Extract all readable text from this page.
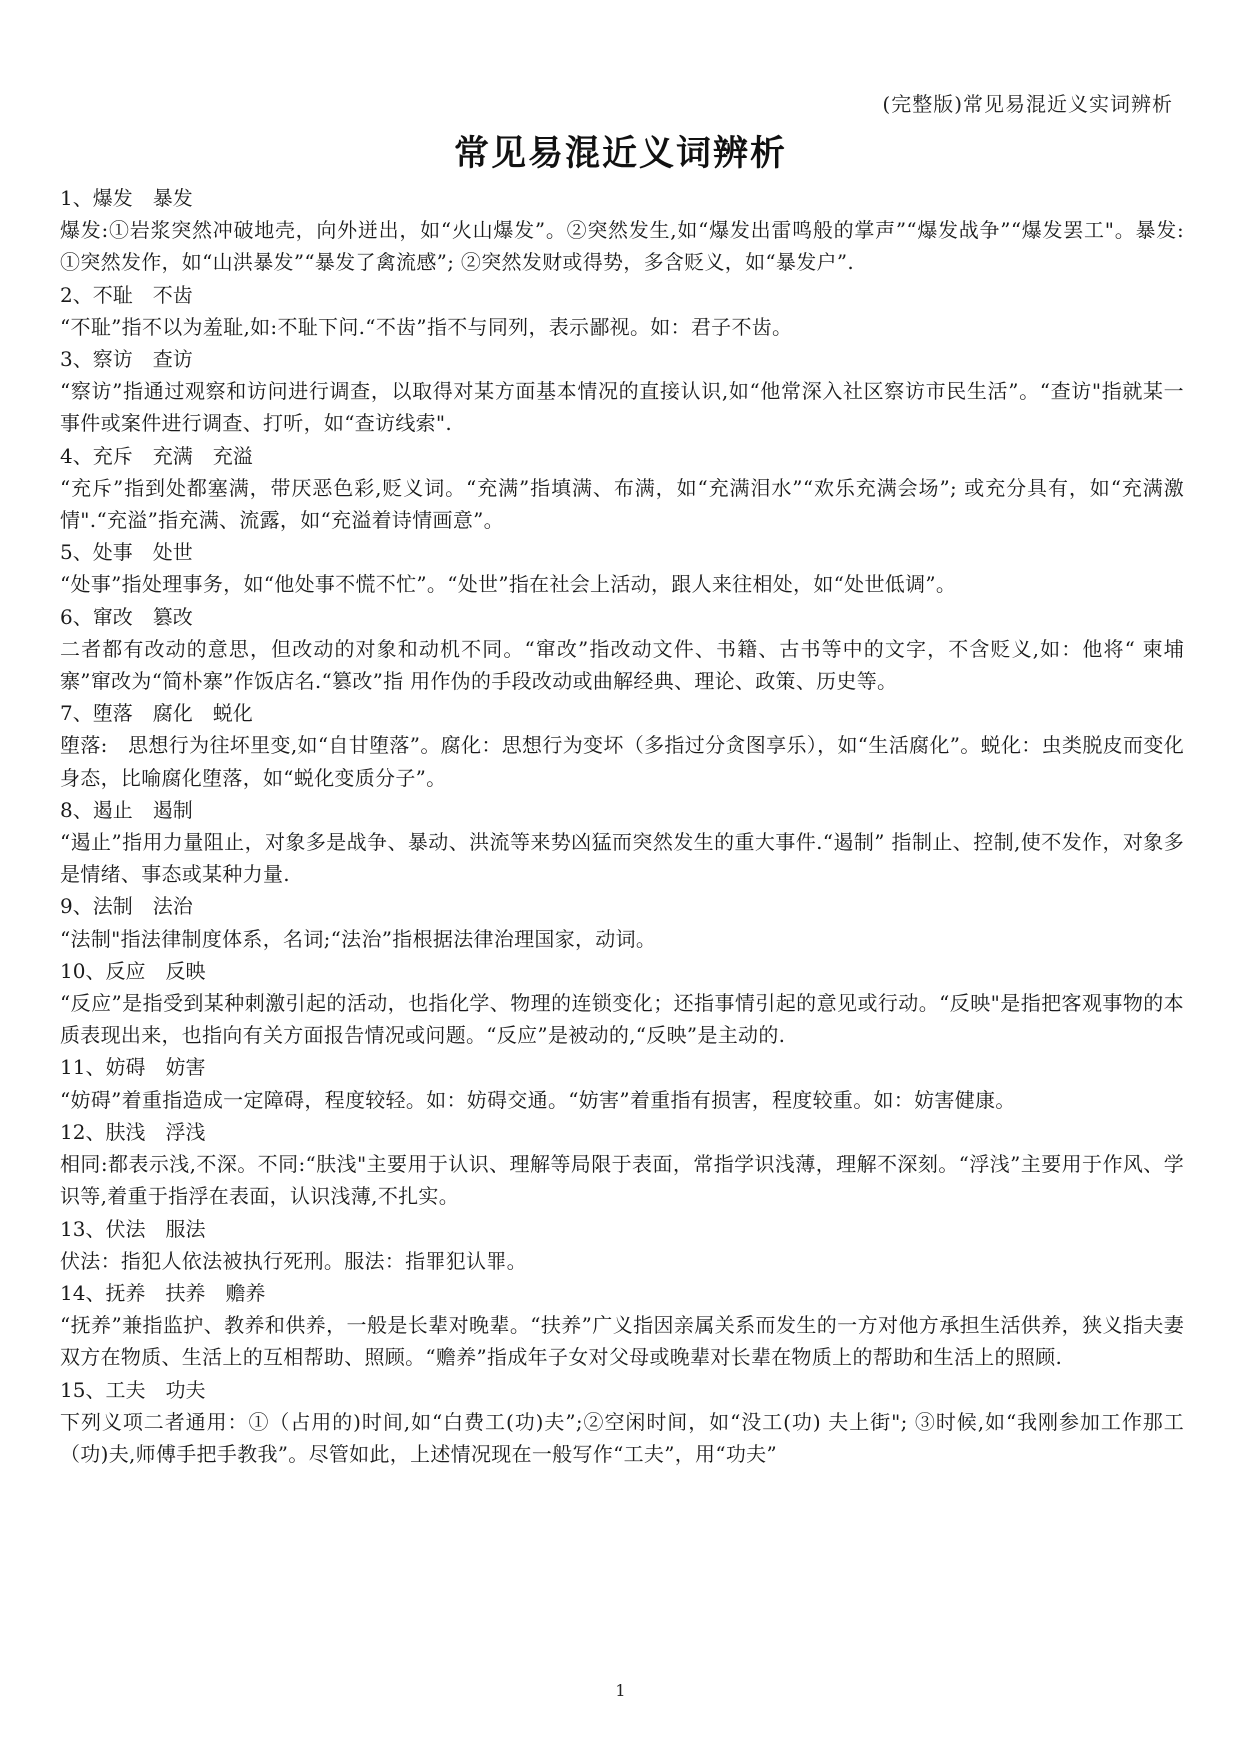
(完整版)常见易混近义实词辨析
常见易混近义词辨析
1、爆发　暴发
爆发:①岩浆突然冲破地壳，向外迸出，如“火山爆发”。②突然发生,如“爆发出雷鸣般的掌声”“爆发战争”“爆发罢工"。暴发: ①突然发作，如“山洪暴发”“暴发了禽流感”; ②突然发财或得势，多含贬义，如“暴发户”.
2、不耻　不齿
“不耻”指不以为羞耻,如:不耻下问.“不齿”指不与同列，表示鄙视。如：君子不齿。
3、察访　查访
“察访”指通过观察和访问进行调查，以取得对某方面基本情况的直接认识,如“他常深入社区察访市民生活”。“查访"指就某一事件或案件进行调查、打听，如“查访线索".
4、充斥　充满　充溢
“充斥”指到处都塞满，带厌恶色彩,贬义词。“充满”指填满、布满，如“充满泪水”“欢乐充满会场”; 或充分具有，如“充满激情".“充溢”指充满、流露，如“充溢着诗情画意”。
5、处事　处世
“处事”指处理事务，如“他处事不慌不忙”。“处世”指在社会上活动，跟人来往相处，如“处世低调”。
6、窜改　篡改
二者都有改动的意思，但改动的对象和动机不同。“窜改”指改动文件、书籍、古书等中的文字，不含贬义,如：他将“ 柬埔寨”窜改为“简朴寨”作饭店名.“篡改”指 用作伪的手段改动或曲解经典、理论、政策、历史等。
7、堕落　腐化　蜕化
堕落:　思想行为往坏里变,如“自甘堕落”。腐化：思想行为变坏（多指过分贪图享乐），如“生活腐化”。蜕化：虫类脱皮而变化身态，比喻腐化堕落，如“蜕化变质分子”。
8、遏止　遏制
“遏止”指用力量阻止，对象多是战争、暴动、洪流等来势凶猛而突然发生的重大事件.“遏制” 指制止、控制,使不发作，对象多是情绪、事态或某种力量.
9、法制　法治
“法制"指法律制度体系，名词;“法治”指根据法律治理国家，动词。
10、反应　反映
“反应”是指受到某种刺激引起的活动，也指化学、物理的连锁变化；还指事情引起的意见或行动。“反映"是指把客观事物的本质表现出来，也指向有关方面报告情况或问题。“反应”是被动的,“反映”是主动的.
11、妨碍　妨害
“妨碍”着重指造成一定障碍，程度较轻。如：妨碍交通。“妨害”着重指有损害，程度较重。如：妨害健康。
12、肤浅　浮浅
相同:都表示浅,不深。不同:“肤浅"主要用于认识、理解等局限于表面，常指学识浅薄，理解不深刻。“浮浅”主要用于作风、学识等,着重于指浮在表面，认识浅薄,不扎实。
13、伏法　服法
伏法：指犯人依法被执行死刑。服法：指罪犯认罪。
14、抚养　扶养　赡养
“抚养”兼指监护、教养和供养，一般是长辈对晚辈。“扶养”广义指因亲属关系而发生的一方对他方承担生活供养，狭义指夫妻双方在物质、生活上的互相帮助、照顾。“赡养”指成年子女对父母或晚辈对长辈在物质上的帮助和生活上的照顾.
15、工夫　功夫
下列义项二者通用：①（占用的)时间,如“白费工(功)夫”;②空闲时间，如“没工(功) 夫上街"; ③时候,如“我刚参加工作那工（功)夫,师傅手把手教我”。尽管如此，上述情况现在一般写作“工夫”，用“功夫”
1
